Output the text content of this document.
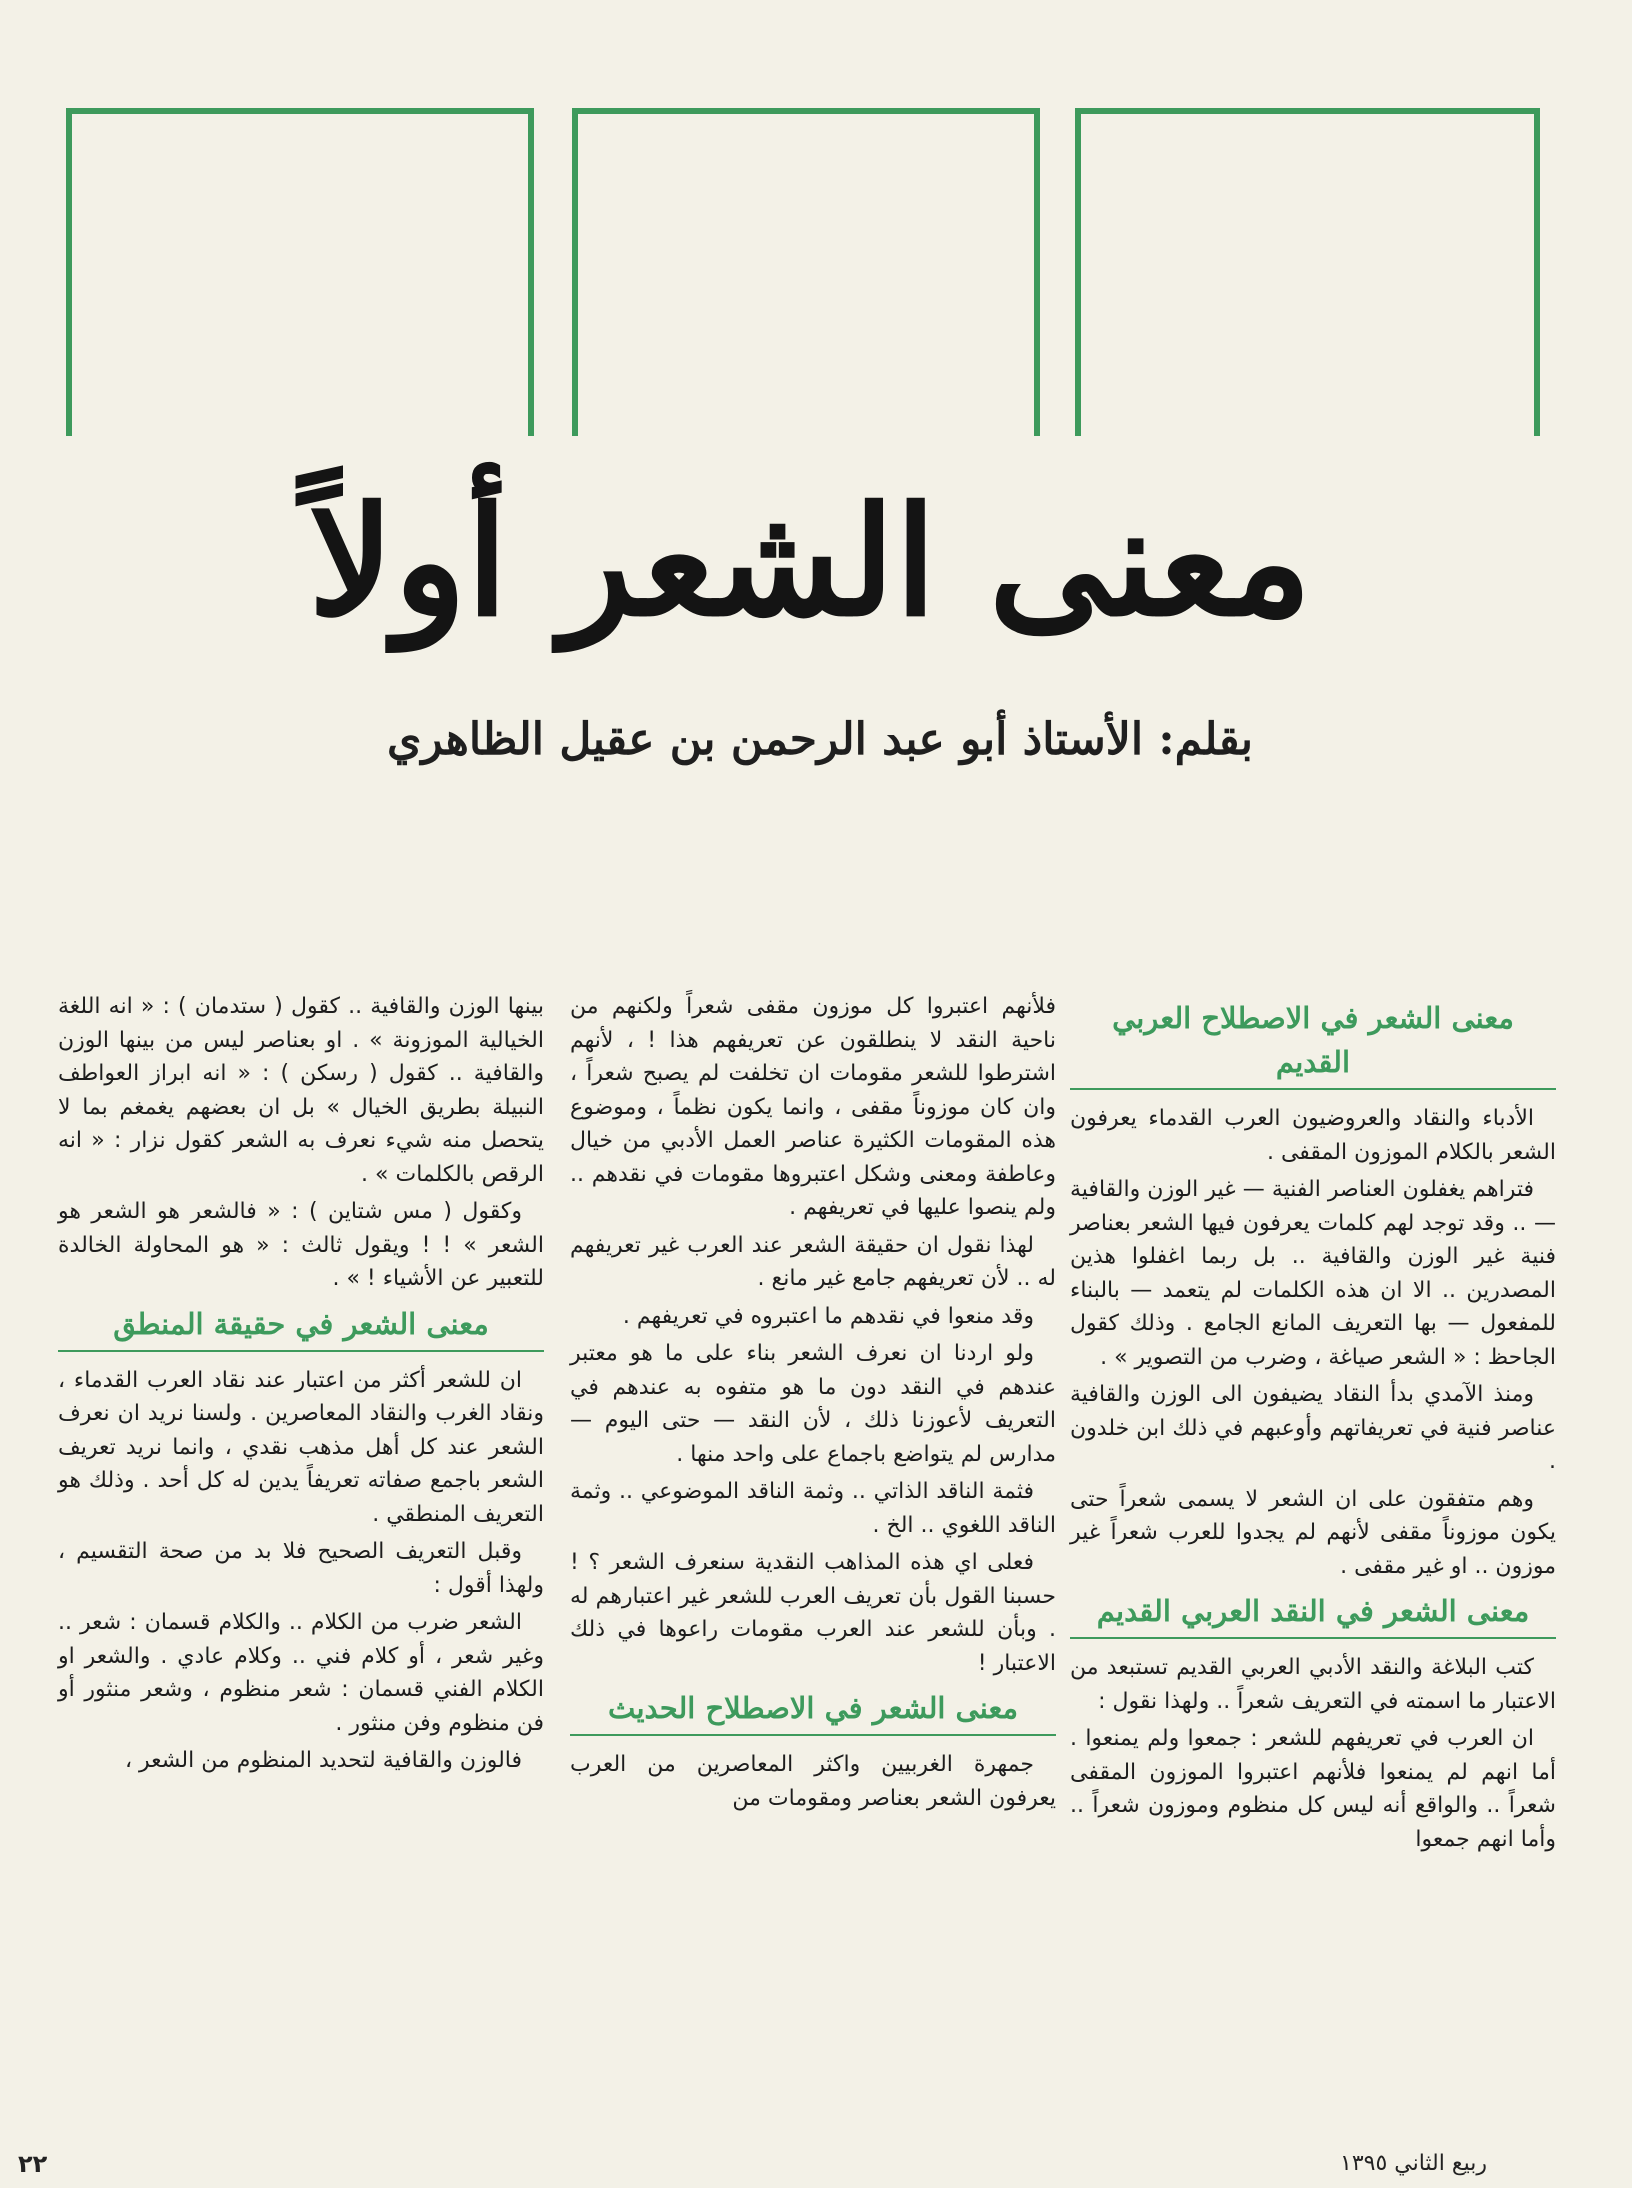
معنى الشعر أولاً
بقلم: الأستاذ أبو عبد الرحمن بن عقيل الظاهري
معنى الشعر في الاصطلاح العربي القديم

الأدباء والنقاد والعروضيون العرب القدماء يعرفون الشعر بالكلام الموزون المقفى .

فتراهم يغفلون العناصر الفنية — غير الوزن والقافية — .. وقد توجد لهم كلمات يعرفون فيها الشعر بعناصر فنية غير الوزن والقافية .. بل ربما اغفلوا هذين المصدرين .. الا ان هذه الكلمات لم يتعمد — بالبناء للمفعول — بها التعريف المانع الجامع . وذلك كقول الجاحظ : « الشعر صياغة ، وضرب من التصوير » .

ومنذ الآمدي بدأ النقاد يضيفون الى الوزن والقافية عناصر فنية في تعريفاتهم وأوعبهم في ذلك ابن خلدون .

وهم متفقون على ان الشعر لا يسمى شعراً حتى يكون موزوناً مقفى لأنهم لم يجدوا للعرب شعراً غير موزون .. او غير مقفى .

معنى الشعر في النقد العربي القديم

كتب البلاغة والنقد الأدبي العربي القديم تستبعد من الاعتبار ما اسمته في التعريف شعراً .. ولهذا نقول :

ان العرب في تعريفهم للشعر : جمعوا ولم يمنعوا . أما انهم لم يمنعوا فلأنهم اعتبروا الموزون المقفى شعراً .. والواقع أنه ليس كل منظوم وموزون شعراً .. وأما انهم جمعوا

فلأنهم اعتبروا كل موزون مقفى شعراً ولكنهم من ناحية النقد لا ينطلقون عن تعريفهم هذا ! ، لأنهم اشترطوا للشعر مقومات ان تخلفت لم يصبح شعراً ، وان كان موزوناً مقفى ، وانما يكون نظماً ، وموضوع هذه المقومات الكثيرة عناصر العمل الأدبي من خيال وعاطفة ومعنى وشكل اعتبروها مقومات في نقدهم .. ولم ينصوا عليها في تعريفهم .

لهذا نقول ان حقيقة الشعر عند العرب غير تعريفهم له .. لأن تعريفهم جامع غير مانع .

وقد منعوا في نقدهم ما اعتبروه في تعريفهم .

ولو اردنا ان نعرف الشعر بناء على ما هو معتبر عندهم في النقد دون ما هو متفوه به عندهم في التعريف لأعوزنا ذلك ، لأن النقد — حتى اليوم — مدارس لم يتواضع باجماع على واحد منها .

فثمة الناقد الذاتي .. وثمة الناقد الموضوعي .. وثمة الناقد اللغوي .. الخ .

فعلى اي هذه المذاهب النقدية سنعرف الشعر ؟ ! حسبنا القول بأن تعريف العرب للشعر غير اعتبارهم له . وبأن للشعر عند العرب مقومات راعوها في ذلك الاعتبار !

معنى الشعر في الاصطلاح الحديث

جمهرة الغربيين واكثر المعاصرين من العرب يعرفون الشعر بعناصر ومقومات من

بينها الوزن والقافية .. كقول ( ستدمان ) : « انه اللغة الخيالية الموزونة » . او بعناصر ليس من بينها الوزن والقافية .. كقول ( رسكن ) : « انه ابراز العواطف النبيلة بطريق الخيال » بل ان بعضهم يغمغم بما لا يتحصل منه شيء نعرف به الشعر كقول نزار : « انه الرقص بالكلمات » .

وكقول ( مس شتاين ) : « فالشعر هو الشعر هو الشعر » ! ! ويقول ثالث : « هو المحاولة الخالدة للتعبير عن الأشياء ! » .

معنى الشعر في حقيقة المنطق

ان للشعر أكثر من اعتبار عند نقاد العرب القدماء ، ونقاد الغرب والنقاد المعاصرين . ولسنا نريد ان نعرف الشعر عند كل أهل مذهب نقدي ، وانما نريد تعريف الشعر باجمع صفاته تعريفاً يدين له كل أحد . وذلك هو التعريف المنطقي .

وقبل التعريف الصحيح فلا بد من صحة التقسيم ، ولهذا أقول :

الشعر ضرب من الكلام .. والكلام قسمان : شعر .. وغير شعر ، أو كلام فني .. وكلام عادي . والشعر او الكلام الفني قسمان : شعر منظوم ، وشعر منثور أو فن منظوم وفن منثور .

فالوزن والقافية لتحديد المنظوم من الشعر ،

ربيع الثاني ١٣٩٥
٢٢
